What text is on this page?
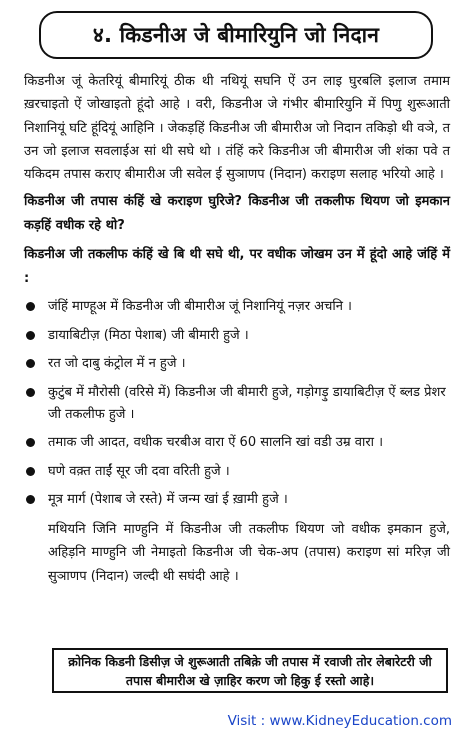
४. किडनीअ जे बीमारियुनि जो निदान

किडनीअ जूं केतरियूं बीमारियूं ठीक थी नथियूं सघनि ऐं उन लाइ घुरबलि इलाज तमाम ख़रचाइतो ऐं जोखाइतो हूंदो आहे । वरी, किडनीअ जे गंभीर बीमारियुनि में पिणु शुरूआती निशानियूं घटि हूंदियूं आहिनि । जेकड़हिं किडनीअ जी बीमारीअ जो निदान तकिड़ो थी वञे, त उन जो इलाज सवलाईअ सां थी सघे थो । तंहिं करे किडनीअ जी बीमारीअ जी शंका पवे त यकिदम तपास कराए बीमारीअ जी सवेल ई सुञाणप (निदान) कराइण सलाह भरियो आहे ।

किडनीअ जी तपास कंहिं खे कराइण घुरिजे? किडनीअ जी तकलीफ थियण जो इमकान कड़हिं वधीक रहे थो?

किडनीअ जी तकलीफ कंहिं खे बि थी सघे थी, पर वधीक जोखम उन में हूंदो आहे जंहिं में :

जंहिं माण्हूअ में किडनीअ जी बीमारीअ जूं निशानियूं नज़र अचनि ।
डायाबिटीज़ (मिठा पेशाब) जी बीमारी हुजे ।
रत जो दाबु कंट्रोल में न हुजे ।
कुटुंब में मौरोसी (वरिसे में) किडनीअ जी बीमारी हुजे, गड़ोगड़ु डायाबिटीज़ ऐं ब्लड प्रेशर जी तकलीफ हुजे ।
तमाक जी आदत, वधीक चरबीअ वारा ऐं 60 सालनि खां वडी उम्र वारा ।
घणे वक़्त ताईं सूर जी दवा वरिती हुजे ।
मूत्र मार्ग (पेशाब जे रस्ते) में जन्म खां ई ख़ामी हुजे ।

मथियनि जिनि माण्हुनि में किडनीअ जी तकलीफ थियण जो वधीक इमकान हुजे, अहिड़नि माण्हुनि जी नेमाइतो किडनीअ जी चेक-अप (तपास) कराइण सां मरिज़ जी सुञाणप (निदान) जल्दी थी सघंदी आहे ।

क्रोनिक किडनी डिसीज़ जे शुरूआती तबिक़े जी तपास में रवाजी तोर लेबारेटरी जी तपास बीमारीअ खे ज़ाहिर करण जो हिकु ई रस्तो आहे।
Visit : www.KidneyEducation.com
